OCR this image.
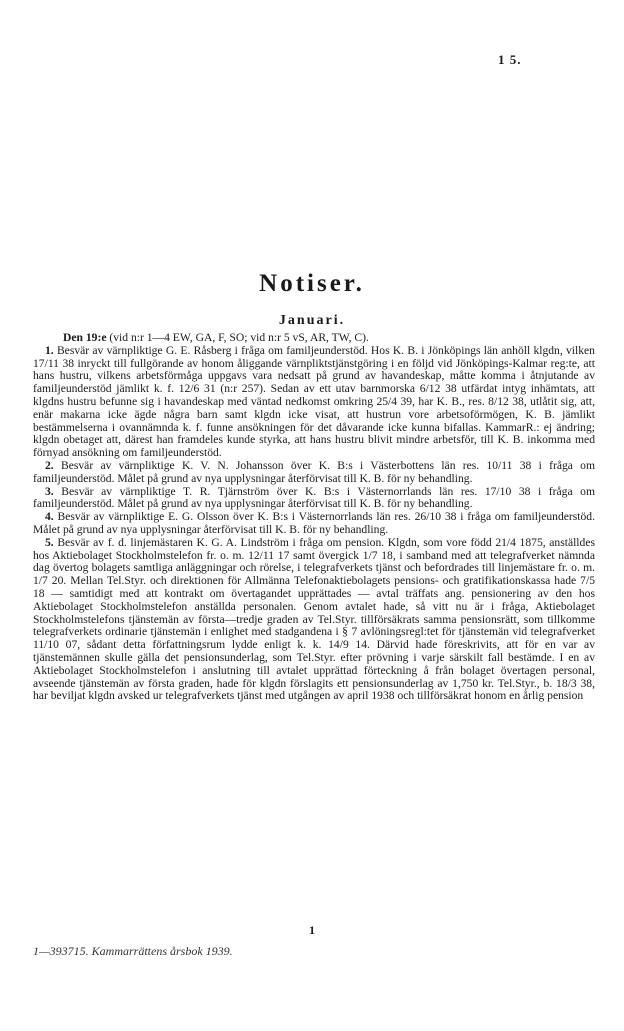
1 5.
Notiser.
Januari.

Den 19:e (vid n:r 1—4 EW, GA, F, SO; vid n:r 5 vS, AR, TW, C).

1. Besvär av värnpliktige G. E. Råsberg i fråga om familjeunderstöd. Hos K. B. i Jönköpings län anhöll klgdn, vilken 17/11 38 inryckt till fullgörande av honom åliggande värnpliktstjänstgöring i en följd vid Jönköpings-Kalmar reg:te, att hans hustru, vilkens arbetsförmåga uppgavs vara nedsatt på grund av havandeskap, måtte komma i åtnjutande av familjeunderstöd jämlikt k. f. 12/6 31 (n:r 257). Sedan av ett utav barnmorska 6/12 38 utfärdat intyg inhämtats, att klgdns hustru befunne sig i havandeskap med väntad nedkomst omkring 25/4 39, har K. B., res. 8/12 38, utlåtit sig, att, enär makarna icke ägde några barn samt klgdn icke visat, att hustrun vore arbetsoförmögen, K. B. jämlikt bestämmelserna i ovannämnda k. f. funne ansökningen för det dåvarande icke kunna bifallas. KammarR.: ej ändring; klgdn obetaget att, därest han framdeles kunde styrka, att hans hustru blivit mindre arbetsför, till K. B. inkomma med förnyad ansökning om familjeunderstöd.

2. Besvär av värnpliktige K. V. N. Johansson över K. B:s i Västerbottens län res. 10/11 38 i fråga om familjeunderstöd. Målet på grund av nya upplysningar återförvisat till K. B. för ny behandling.

3. Besvär av värnpliktige T. R. Tjärnström över K. B:s i Västernorrlands län res. 17/10 38 i fråga om familjeunderstöd. Målet på grund av nya upplysningar återförvisat till K. B. för ny behandling.

4. Besvär av värnpliktige E. G. Olsson över K. B:s i Västernorrlands län res. 26/10 38 i fråga om familjeunderstöd. Målet på grund av nya upplysningar återförvisat till K. B. för ny behandling.

5. Besvär av f. d. linjemästaren K. G. A. Lindström i fråga om pension. Klgdn, som vore född 21/4 1875, anställdes hos Aktiebolaget Stockholmstelefon fr. o. m. 12/11 17 samt övergick 1/7 18, i samband med att telegrafverket nämnda dag övertog bolagets samtliga anläggningar och rörelse, i telegrafverkets tjänst och befordrades till linjemästare fr. o. m. 1/7 20. Mellan Tel.Styr. och direktionen för Allmänna Telefonaktiebolagets pensions- och gratifikationskassa hade 7/5 18 — samtidigt med att kontrakt om övertagandet upprättades — avtal träffats ang. pensionering av den hos Aktiebolaget Stockholmstelefon anställda personalen. Genom avtalet hade, så vitt nu är i fråga, Aktiebolaget Stockholmstelefons tjänstemän av första—tredje graden av Tel.Styr. tillförsäkrats samma pensionsrätt, som tillkomme telegrafverkets ordinarie tjänstemän i enlighet med stadgandena i § 7 avlöningsregl:tet för tjänstemän vid telegrafverket 11/10 07, sådant detta författningsrum lydde enligt k. k. 14/9 14. Därvid hade föreskrivits, att för en var av tjänstemännen skulle gälla det pensionsunderlag, som Tel.Styr. efter prövning i varje särskilt fall bestämde. I en av Aktiebolaget Stockholmstelefon i anslutning till avtalet upprättad förteckning å från bolaget övertagen personal, avseende tjänstemän av första graden, hade för klgdn förslagits ett pensionsunderlag av 1,750 kr. Tel.Styr., b. 18/3 38, har beviljat klgdn avsked ur telegrafverkets tjänst med utgången av april 1938 och tillförsäkrat honom en årlig pension

1
1—393715. Kammarrättens årsbok 1939.
